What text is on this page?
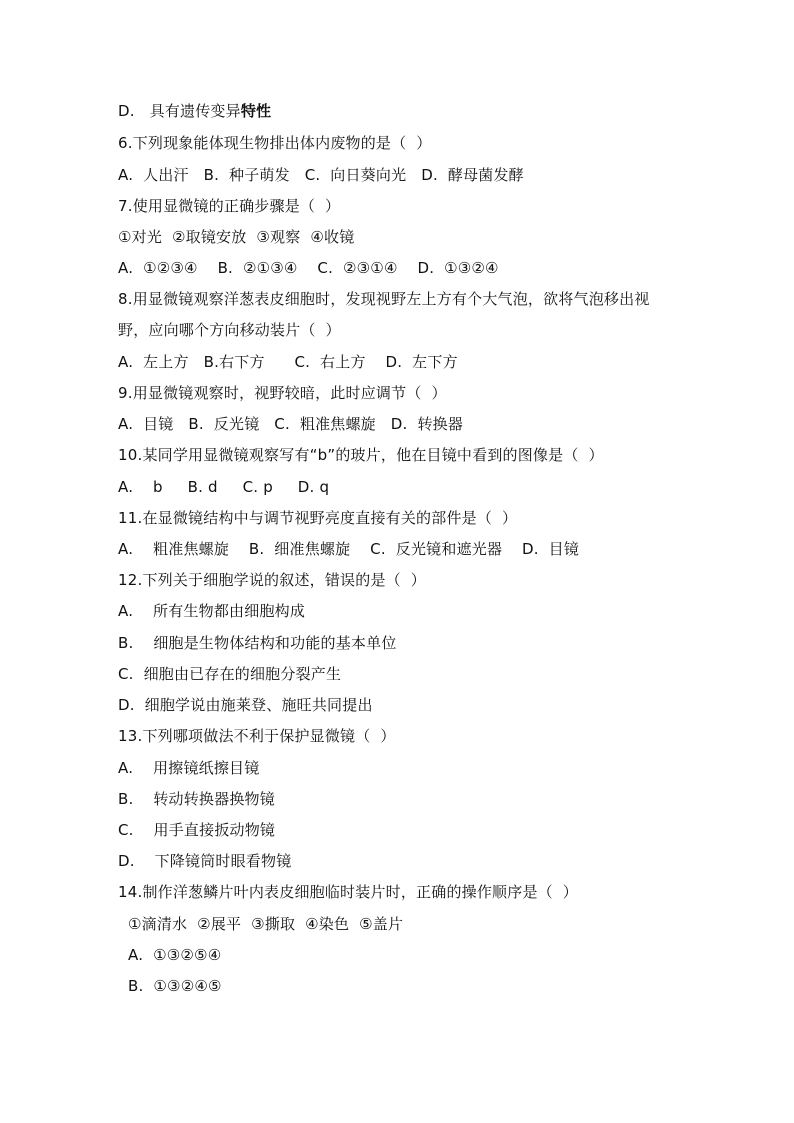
D.   具有遗传变异特性

6.下列现象能体现生物排出体内废物的是（  ）

A.  人出汗   B.  种子萌发   C.  向日葵向光   D.  酵母菌发酵

7.使用显微镜的正确步骤是（  ）

①对光  ②取镜安放  ③观察  ④收镜

A.  ①②③④    B.  ②①③④    C.  ②③①④    D.  ①③②④

8.用显微镜观察洋葱表皮细胞时，发现视野左上方有个大气泡，欲将气泡移出视

野，应向哪个方向移动装片（  ）

A.  左上方   B.右下方      C.  右上方    D.  左下方

9.用显微镜观察时，视野较暗，此时应调节（  ）

A.  目镜   B.  反光镜   C.  粗准焦螺旋   D.  转换器

10.某同学用显微镜观察写有“b”的玻片，他在目镜中看到的图像是（  ）

A.    b     B. d     C. p     D. q

11.在显微镜结构中与调节视野亮度直接有关的部件是（  ）

A.    粗准焦螺旋    B.  细准焦螺旋    C.  反光镜和遮光器    D.  目镜

12.下列关于细胞学说的叙述，错误的是（  ）

A.    所有生物都由细胞构成

B.    细胞是生物体结构和功能的基本单位

C.  细胞由已存在的细胞分裂产生

D.  细胞学说由施莱登、施旺共同提出

13.下列哪项做法不利于保护显微镜（  ）

A.    用擦镜纸擦目镜

B.    转动转换器换物镜

C.    用手直接扳动物镜

D.    下降镜筒时眼看物镜

14.制作洋葱鳞片叶内表皮细胞临时装片时，正确的操作顺序是（  ）

①滴清水  ②展平  ③撕取  ④染色  ⑤盖片

A.  ①③②⑤④

B.  ①③②④⑤
